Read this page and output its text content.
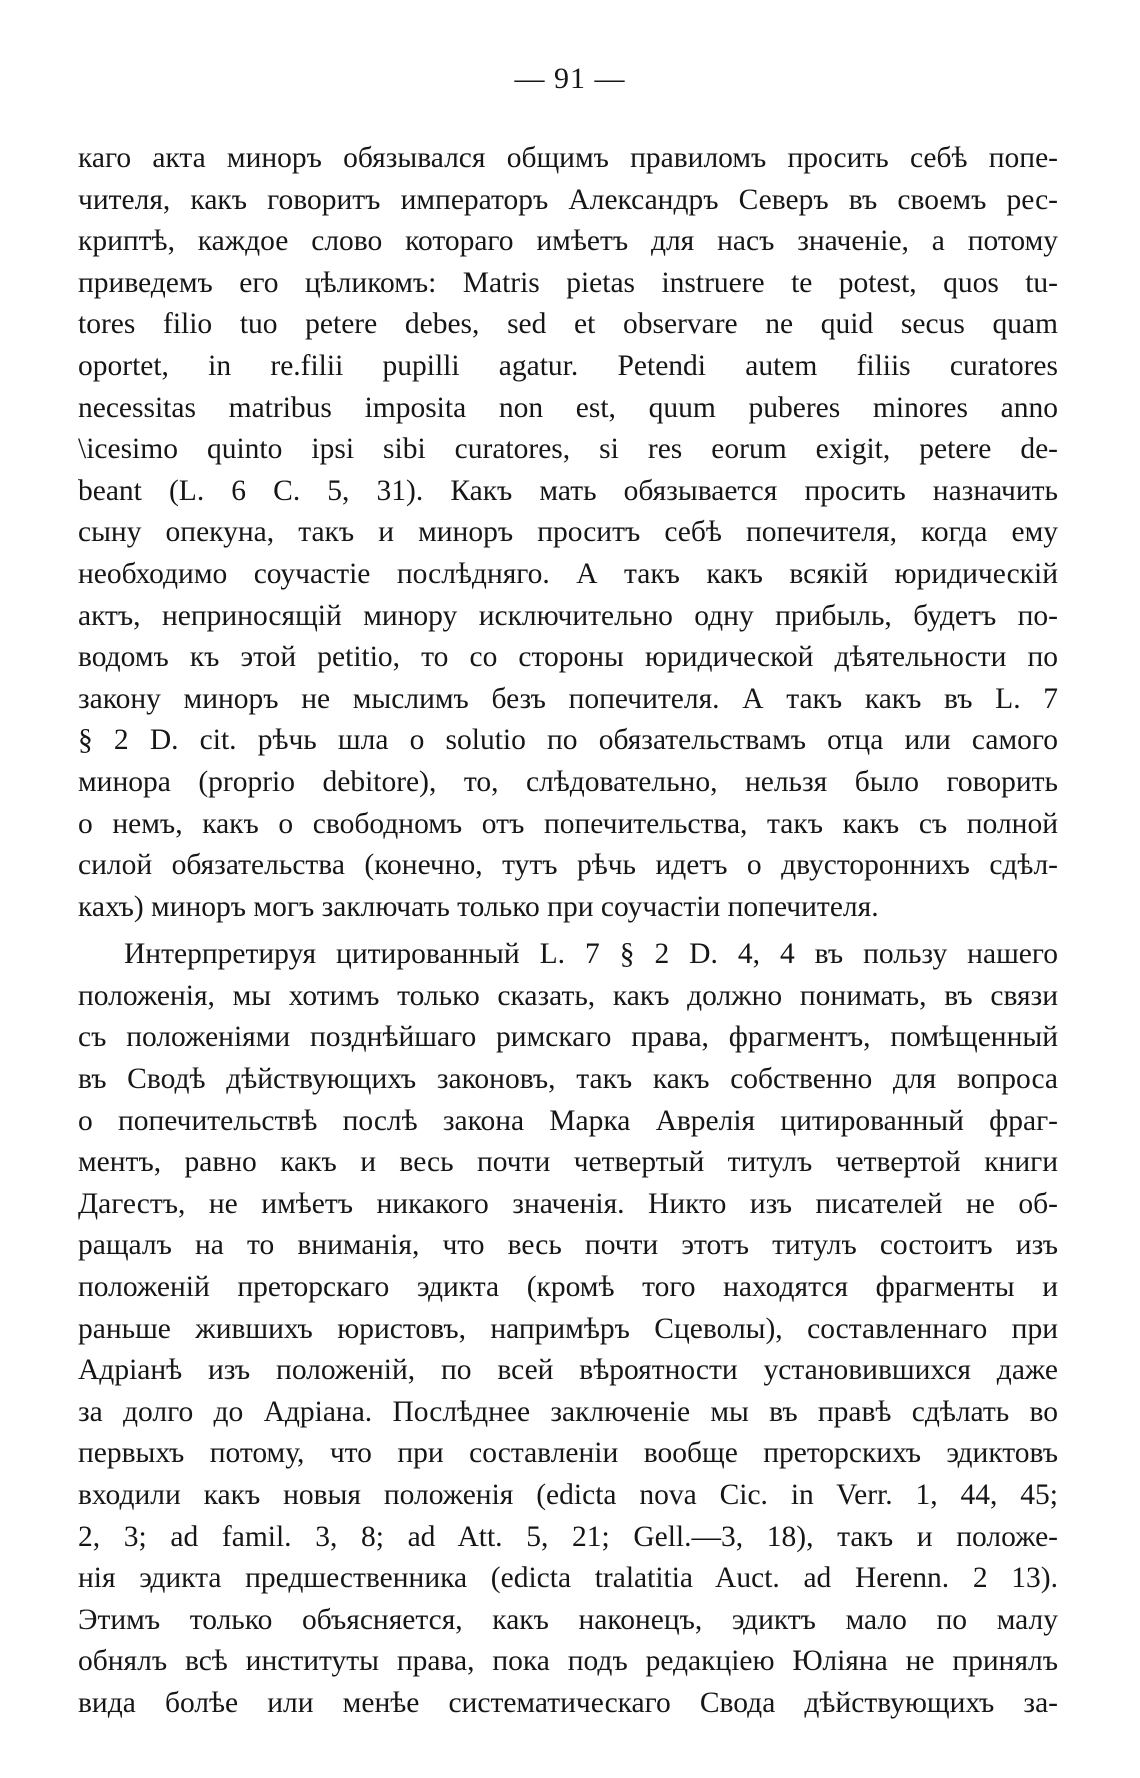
— 91 —
каго акта миноръ обязывался общимъ правиломъ просить себѣ попе-
чителя, какъ говоритъ императоръ Александръ Северъ въ своемъ рес-
криптѣ, каждое слово котораго имѣетъ для насъ значеніе, а потому
приведемъ его цѣликомъ: Matris pietas instruere te potest, quos tu-
tores filio tuo petere debes, sed et observare ne quid secus quam
oportet, in re.filii pupilli agatur. Petendi autem filiis curatores
necessitas matribus imposita non est, quum puberes minores anno
\icesimo quinto ipsi sibi curatores, si res eorum exigit, petere de-
beant (L. 6 C. 5, 31). Какъ мать обязывается просить назначить
сыну опекуна, такъ и миноръ проситъ себѣ попечителя, когда ему
необходимо соучастіе послѣдняго. А такъ какъ всякій юридическій
актъ, неприносящій минору исключительно одну прибыль, будетъ по-
водомъ къ этой petitio, то со стороны юридической дѣятельности по
закону миноръ не мыслимъ безъ попечителя. А такъ какъ въ L. 7
§ 2 D. cit. рѣчь шла о solutio по обязательствамъ отца или самого
минора (proprio debitore), то, слѣдовательно, нельзя было говорить
о немъ, какъ о свободномъ отъ попечительства, такъ какъ съ полной
силой обязательства (конечно, тутъ рѣчь идетъ о двустороннихъ сдѣл-
кахъ) миноръ могъ заключать только при соучастіи попечителя.
Интерпретируя цитированный L. 7 § 2 D. 4, 4 въ пользу нашего
положенія, мы хотимъ только сказать, какъ должно понимать, въ связи
съ положеніями позднѣйшаго римскаго права, фрагментъ, помѣщенный
въ Сводѣ дѣйствующихъ законовъ, такъ какъ собственно для вопроса
о попечительствѣ послѣ закона Марка Аврелія цитированный фраг-
ментъ, равно какъ и весь почти четвертый титулъ четвертой книги
Дагестъ, не имѣетъ никакого значенія. Никто изъ писателей не об-
ращалъ на то вниманія, что весь почти этотъ титулъ состоитъ изъ
положеній преторскаго эдикта (кромѣ того находятся фрагменты и
раньше жившихъ юристовъ, напримѣръ Сцеволы), составленнаго при
Адріанѣ изъ положеній, по всей вѣроятности установившихся даже
за долго до Адріана. Послѣднее заключеніе мы въ правѣ сдѣлать во
первыхъ потому, что при составленіи вообще преторскихъ эдиктовъ
входили какъ новыя положенія (edicta nova Cic. in Verr. 1, 44, 45;
2, 3; ad famil. 3, 8; ad Att. 5, 21; Gell.—3, 18), такъ и положе-
нія эдикта предшественника (edicta tralatitia Auct. ad Herenn. 2 13).
Этимъ только объясняется, какъ наконецъ, эдиктъ мало по малу
обнялъ всѣ институты права, пока подъ редакціею Юліяна не принялъ
вида болѣе или менѣе систематическаго Свода дѣйствующихъ за-
